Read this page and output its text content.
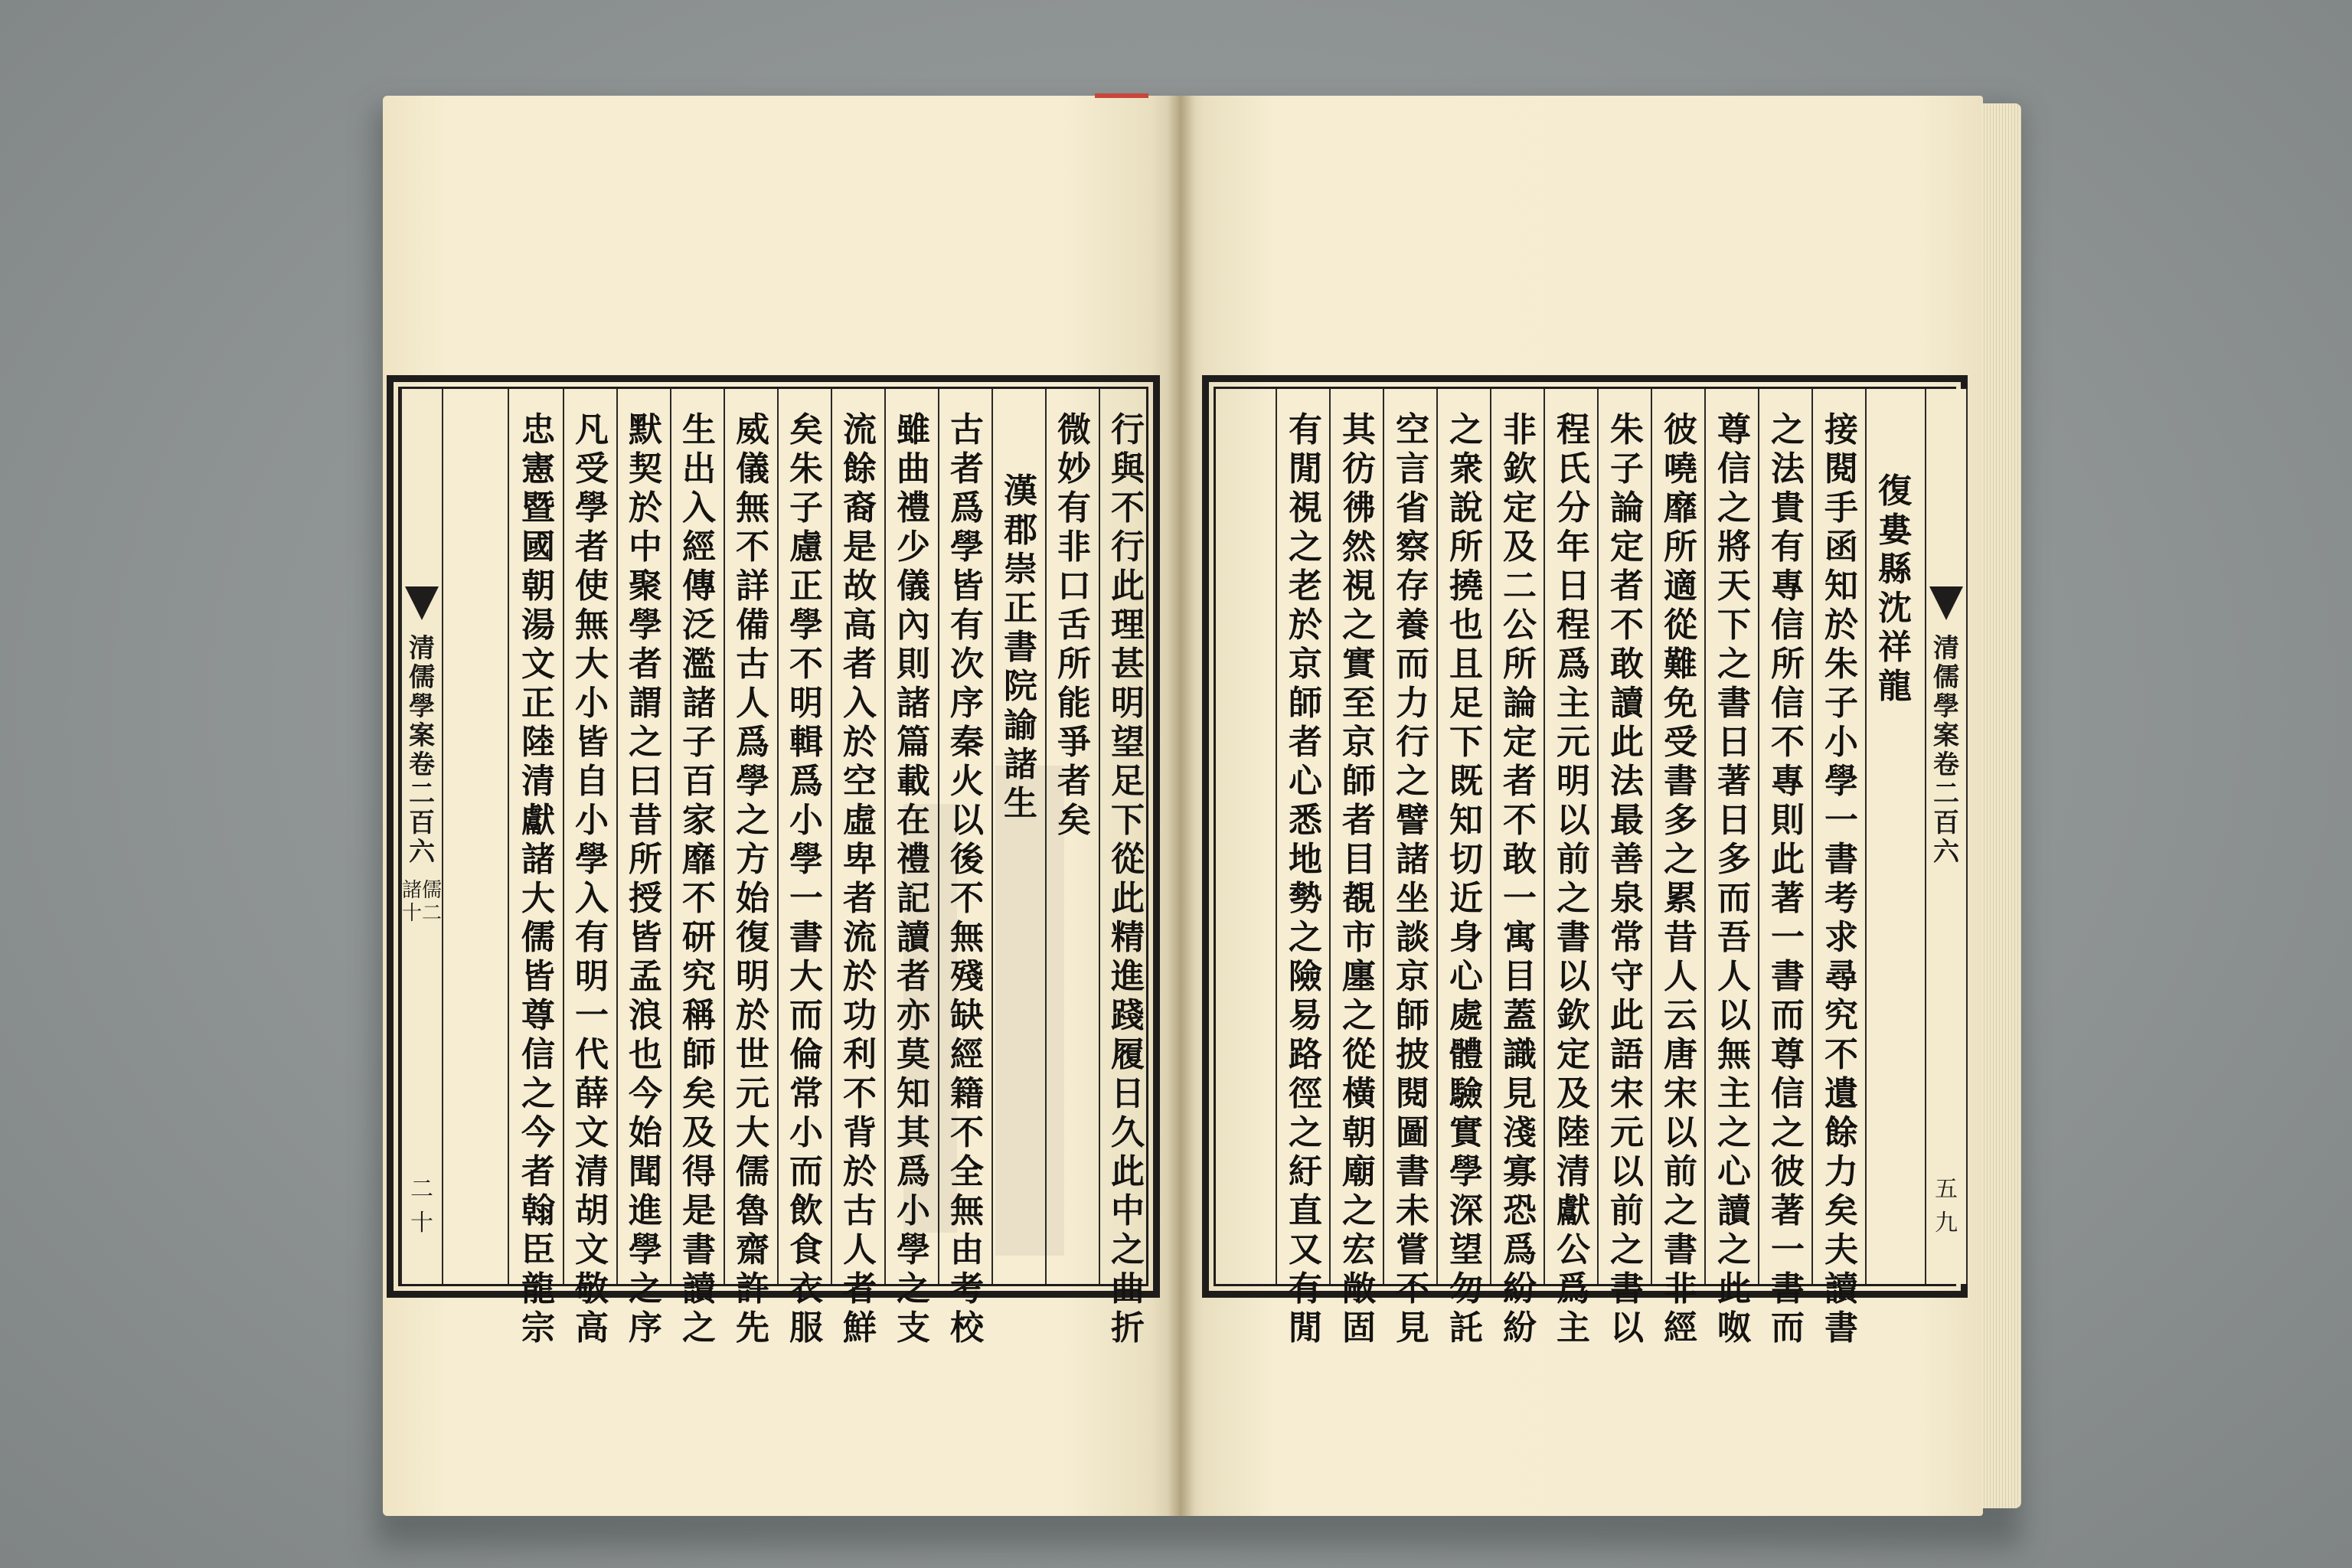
行與不行此理甚明望足下從此精進踐履日久此中之曲折
微妙有非口舌所能爭者矣
漢郡崇正書院諭諸生
古者爲學皆有次序秦火以後不無殘缺經籍不全無由考校
雖曲禮少儀內則諸篇載在禮記讀者亦莫知其爲小學之支
流餘裔是故高者入於空虛卑者流於功利不背於古人者鮮
矣朱子慮正學不明輯爲小學一書大而倫常小而飲食衣服
威儀無不詳備古人爲學之方始復明於世元大儒魯齋許先
生出入經傳泛濫諸子百家靡不研究稱師矣及得是書讀之
默契於中聚學者謂之曰昔所授皆孟浪也今始聞進學之序
凡受學者使無大小皆自小學入有明一代薛文清胡文敬高
忠憲暨國朝湯文正陸清獻諸大儒皆尊信之今者翰臣龍宗
清儒學案卷二百六
諸儒十二
二十
復婁縣沈祥龍
接閱手函知於朱子小學一書考求尋究不遺餘力矣夫讀書
之法貴有專信所信不專則此著一書而尊信之彼著一書而
尊信之將天下之書日著日多而吾人以無主之心讀之此呶
彼嘵靡所適從難免受書多之累昔人云唐宋以前之書非經
朱子論定者不敢讀此法最善泉常守此語宋元以前之書以
程氏分年日程爲主元明以前之書以欽定及陸清獻公爲主
非欽定及二公所論定者不敢一寓目蓋識見淺寡恐爲紛紛
之衆說所撓也且足下既知切近身心處體驗實學深望勿託
空言省察存養而力行之譬諸坐談京師披閱圖書未嘗不見
其彷彿然視之實至京師者目覩市廛之從橫朝廟之宏敞固
有閒視之老於京師者心悉地勢之險易路徑之紆直又有閒
清儒學案卷二百六
五九
